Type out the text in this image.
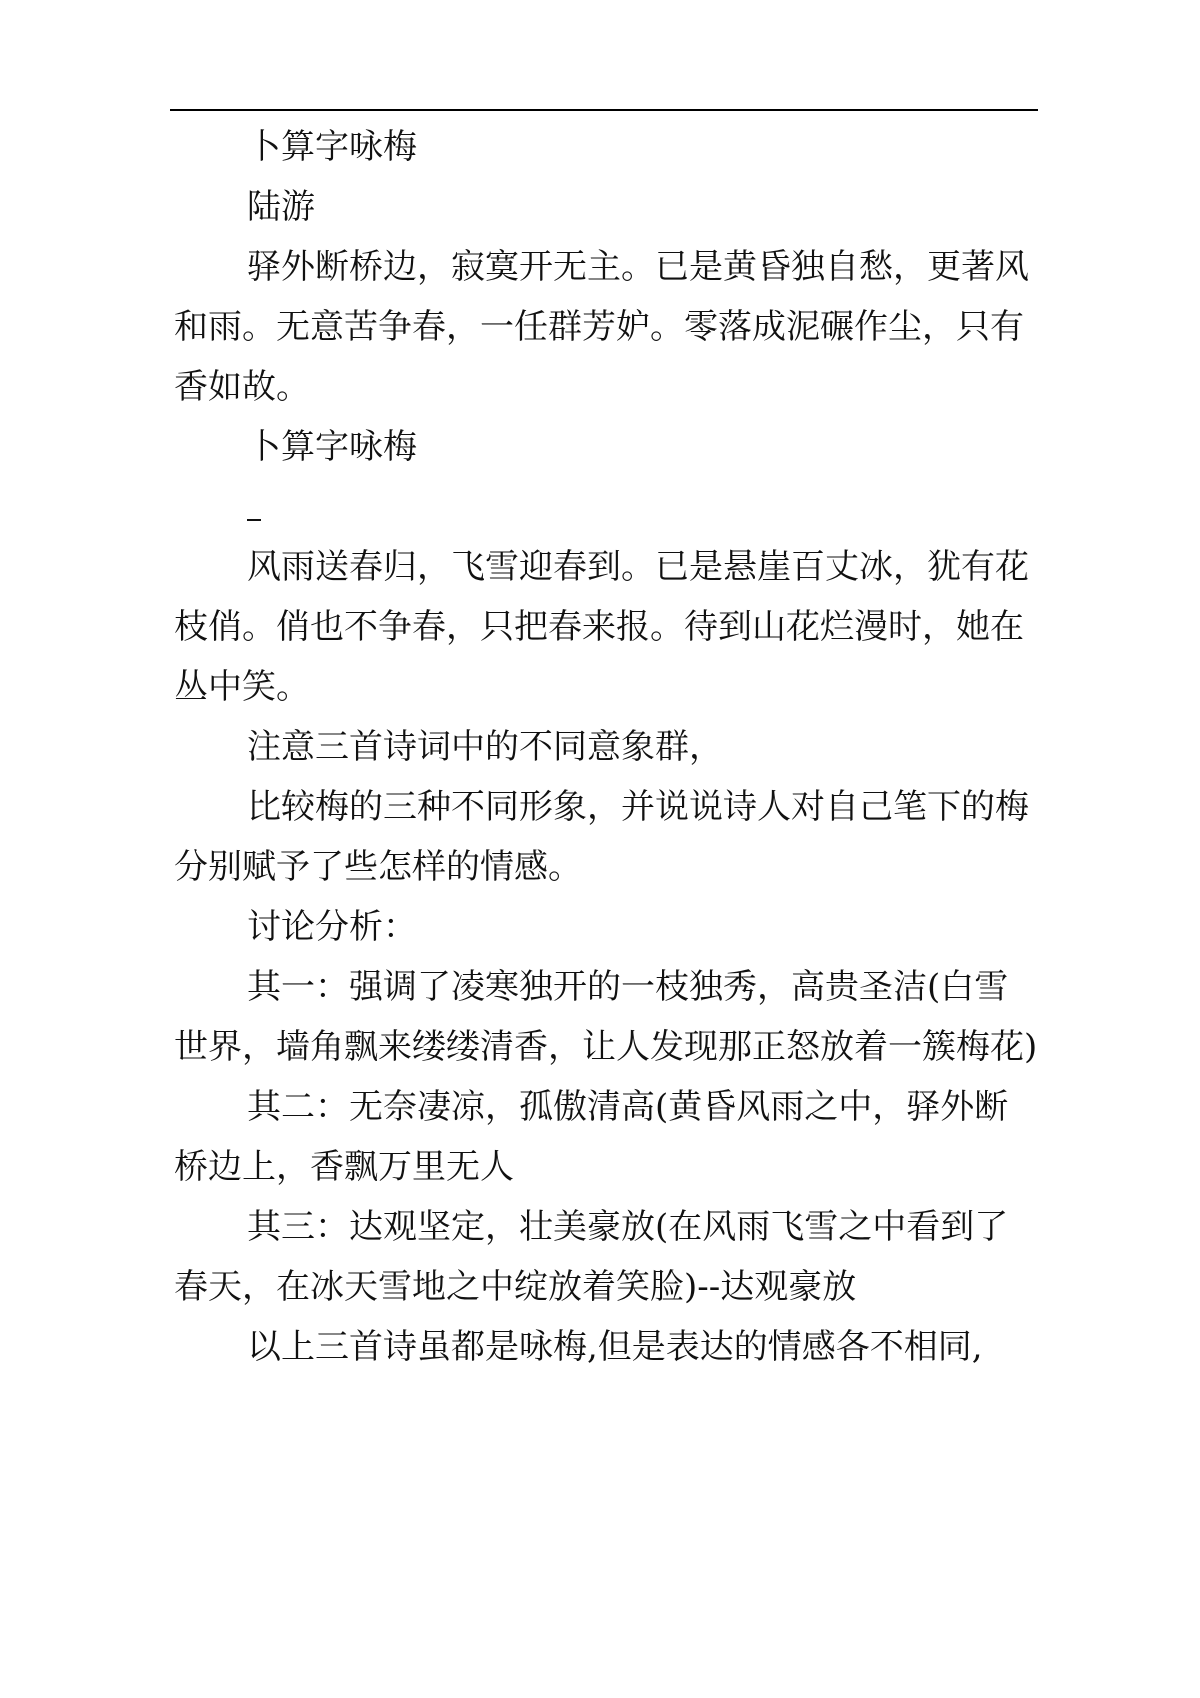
卜算字咏梅

陆游

驿外断桥边，寂寞开无主。已是黄昏独自愁，更著风和雨。无意苦争春，一任群芳妒。零落成泥碾作尘，只有香如故。

卜算字咏梅

风雨送春归，飞雪迎春到。已是悬崖百丈冰，犹有花枝俏。俏也不争春，只把春来报。待到山花烂漫时，她在丛中笑。

注意三首诗词中的不同意象群，

比较梅的三种不同形象，并说说诗人对自己笔下的梅分别赋予了些怎样的情感。

讨论分析：

其一：强调了凌寒独开的一枝独秀，高贵圣洁(白雪世界，墙角飘来缕缕清香，让人发现那正怒放着一簇梅花)

其二：无奈凄凉，孤傲清高(黄昏风雨之中，驿外断桥边上，香飘万里无人

其三：达观坚定，壮美豪放(在风雨飞雪之中看到了春天，在冰天雪地之中绽放着笑脸)--达观豪放

以上三首诗虽都是咏梅,但是表达的情感各不相同,
